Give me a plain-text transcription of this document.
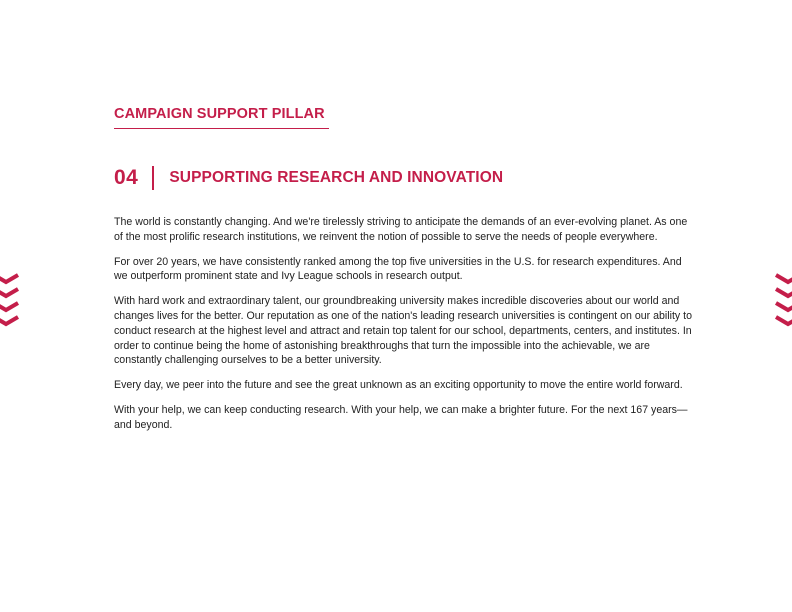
CAMPAIGN SUPPORT PILLAR
04 SUPPORTING RESEARCH AND INNOVATION

The world is constantly changing. And we're tirelessly striving to anticipate the demands of an ever-evolving planet. As one of the most prolific research institutions, we reinvent the notion of possible to serve the needs of people everywhere.

For over 20 years, we have consistently ranked among the top five universities in the U.S. for research expenditures. And we outperform prominent state and Ivy League schools in research output.

With hard work and extraordinary talent, our groundbreaking university makes incredible discoveries about our world and changes lives for the better. Our reputation as one of the nation's leading research universities is contingent on our ability to conduct research at the highest level and attract and retain top talent for our school, departments, centers, and institutes. In order to continue being the home of astonishing breakthroughs that turn the impossible into the achievable, we are constantly challenging ourselves to be a better university.

Every day, we peer into the future and see the great unknown as an exciting opportunity to move the entire world forward.

With your help, we can keep conducting research. With your help, we can make a brighter future. For the next 167 years—and beyond.
